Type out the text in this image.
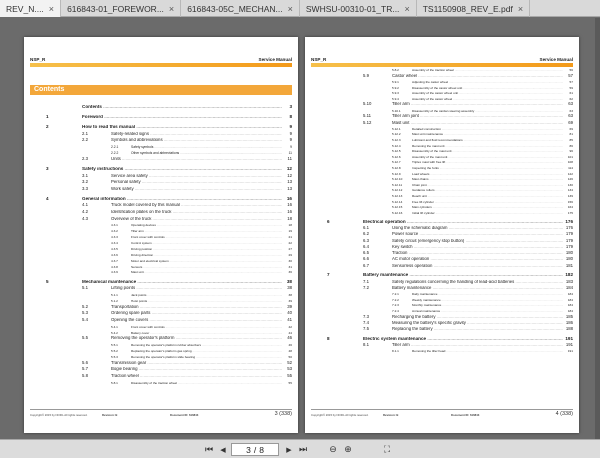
REV_N.... × 616843-01_FOREWOR... × 616843-05C_MECHAN... × SWHSU-00310-01_TR... × TS1150908_REV_E.pdf ×
NSP_R	Service Manual
Contents
Contents .....	3
1	Foreword .....	8
2	How to read this manual .....	9
2.1	Safety-related signs .....	9
2.2	Symbols and abbreviations .....	9
2.2.1	Safety symbols .....	9
2.2.2	Other symbols and abbreviations .....	11
2.3	Units .....	11
3	Safety instructions .....	12
3.1	Service area safety .....	12
3.2	Personal safety .....	13
3.3	Work safety .....	13
4	General information .....	16
4.1	Truck model covered by this manual .....	16
4.2	Identification plates on the truck .....	16
4.3	Overview of the truck .....	18
4.3.1	Operating devices .....	18
4.3.2	Tiller arm .....	19
4.3.3	Front cover with controls .....	21
4.3.4	Control system .....	22
4.3.5	Driving position .....	27
4.3.6	Driving direction .....	29
4.3.7	Motor and electrical system .....	30
4.3.8	Sensors .....	31
4.3.9	Mast unit .....	36
5	Mechanical maintenance .....	38
5.1	Lifting points .....	38
5.1.1	Jack points .....	38
5.1.2	Hoist points .....	39
5.2	Transportation .....	39
5.3	Ordering spare parts .....	40
5.4	Opening the covers .....	41
5.4.1	Front cover with controls .....	42
5.4.2	Battery cover .....	44
5.5	Removing the operator's platform .....	46
5.5.1	Removing the operator's platform rubber absorbers .....	46
5.5.2	Replacing the operator's platform gas spring .....	48
5.5.3	Removing the operator's platform slide bearing .....	50
5.6	Transmission gear .....	52
5.7	Bogie bearing .....	53
5.8	Traction wheel .....	55
5.8.1	Disassembly of the traction wheel .....	55
Copyright© 2015 by NOFIL All rights reserved.	Revision: B	Document ID: 616843	3 (338)
NSP_R	Service Manual
5.8.2	Assembly of the traction wheel .....	56
5.9	Castor wheel .....	57
5.9.1	Adjusting the castor wheel .....	57
5.9.2	Disassembly of the castor wheel unit .....	59
5.9.3	Assembly of the castor wheel unit .....	61
5.9.4	Assembly of the castor wheel .....	62
5.10	Tiller arm .....	63
5.10.1	Disassembly of the cardan steering assembly .....	63
5.11	Tiller arm joint .....	63
5.12	Mast unit .....	69
5.12.1	Detailed construction .....	69
5.12.2	Mast unit maintenance .....	81
5.12.3	Lubricant and fluid recommendations .....	85
5.12.4	Removing the mast unit .....	86
5.12.5	Disassembly of the mast unit .....	96
5.12.6	Assembly of the mast unit .....	101
5.12.7	Triplex mast with free lift .....	108
5.12.8	Inspecting the forks .....	114
5.12.9	Load wheels .....	122
5.12.10	Mast chains .....	126
5.12.11	Chain joint .....	130
5.12.12	Guidance rollers .....	134
5.12.13	Reach unit .....	139
5.12.14	Free lift cylinder .....	156
5.12.15	Main cylinders .....	164
5.12.16	Initial lift cylinder .....	175
6	Electrical operation .....	176
6.1	Using the schematic diagram .....	176
6.2	Power source .....	179
6.3	Safety circuit (emergency stop button) .....	179
6.4	Key switch .....	179
6.5	Traction .....	180
6.6	AC motor operation .....	180
6.7	Sensorless operation .....	181
7	Battery maintenance .....	182
7.1	Safety regulations concerning the handling of lead-acid batteries .....	183
7.2	Battery maintenance .....	184
7.2.1	Daily maintenance .....	184
7.2.2	Weekly maintenance .....	184
7.2.3	Monthly maintenance .....	184
7.2.4	Annual maintenance .....	184
7.3	Recharging the battery .....	185
7.4	Measuring the battery's specific gravity .....	186
7.5	Replacing the battery .....	188
8	Electric system maintenance .....	191
8.1	Tiller arm .....	191
8.1.1	Removing the tiller head .....	191
Copyright© 2015 by NOFIL All rights reserved.	Revision: B	Document ID: 616843	4 (338)
⏮	◀	3 / 8	▶ ⏭ ⊖ ⊕	⛶
